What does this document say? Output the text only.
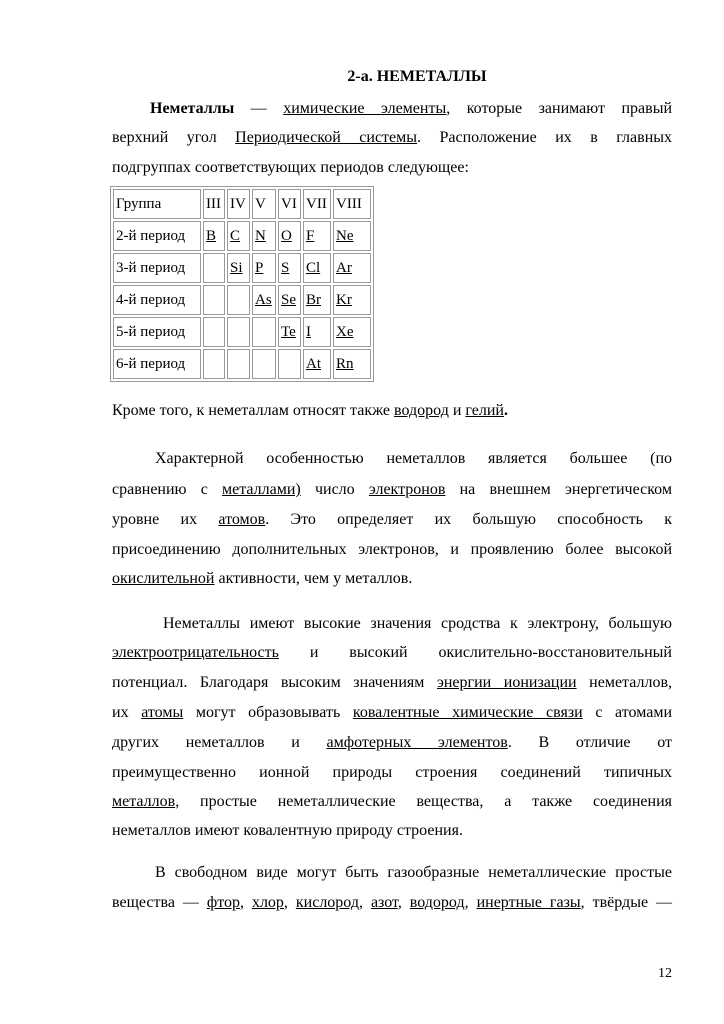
2-а. НЕМЕТАЛЛЫ
Неметаллы — химические элементы, которые занимают правый
верхний угол Периодической системы. Расположение их в главных
подгруппах соответствующих периодов следующее:
Группа	III	IV	V	VI	VII	VIII
2-й период	B	C	N	O	F	Ne
3-й период		Si	P	S	Cl	Ar
4-й период			As	Se	Br	Kr
5-й период				Te	I	Xe
6-й период					At	Rn
Кроме того, к неметаллам относят также водород и гелий.
Характерной особенностью неметаллов является большее (по
сравнению с металлами) число электронов на внешнем энергетическом
уровне их атомов. Это определяет их большую способность к
присоединению дополнительных электронов, и проявлению более высокой
окислительной активности, чем у металлов.
Неметаллы имеют высокие значения сродства к электрону, большую
электроотрицательность и высокий окислительно-восстановительный
потенциал. Благодаря высоким значениям энергии ионизации неметаллов,
их атомы могут образовывать ковалентные химические связи с атомами
других неметаллов и амфотерных элементов. В отличие от
преимущественно ионной природы строения соединений типичных
металлов, простые неметаллические вещества, а также соединения
неметаллов имеют ковалентную природу строения.
В свободном виде могут быть газообразные неметаллические простые
вещества — фтор, хлор, кислород, азот, водород, инертные газы, твёрдые —
12
